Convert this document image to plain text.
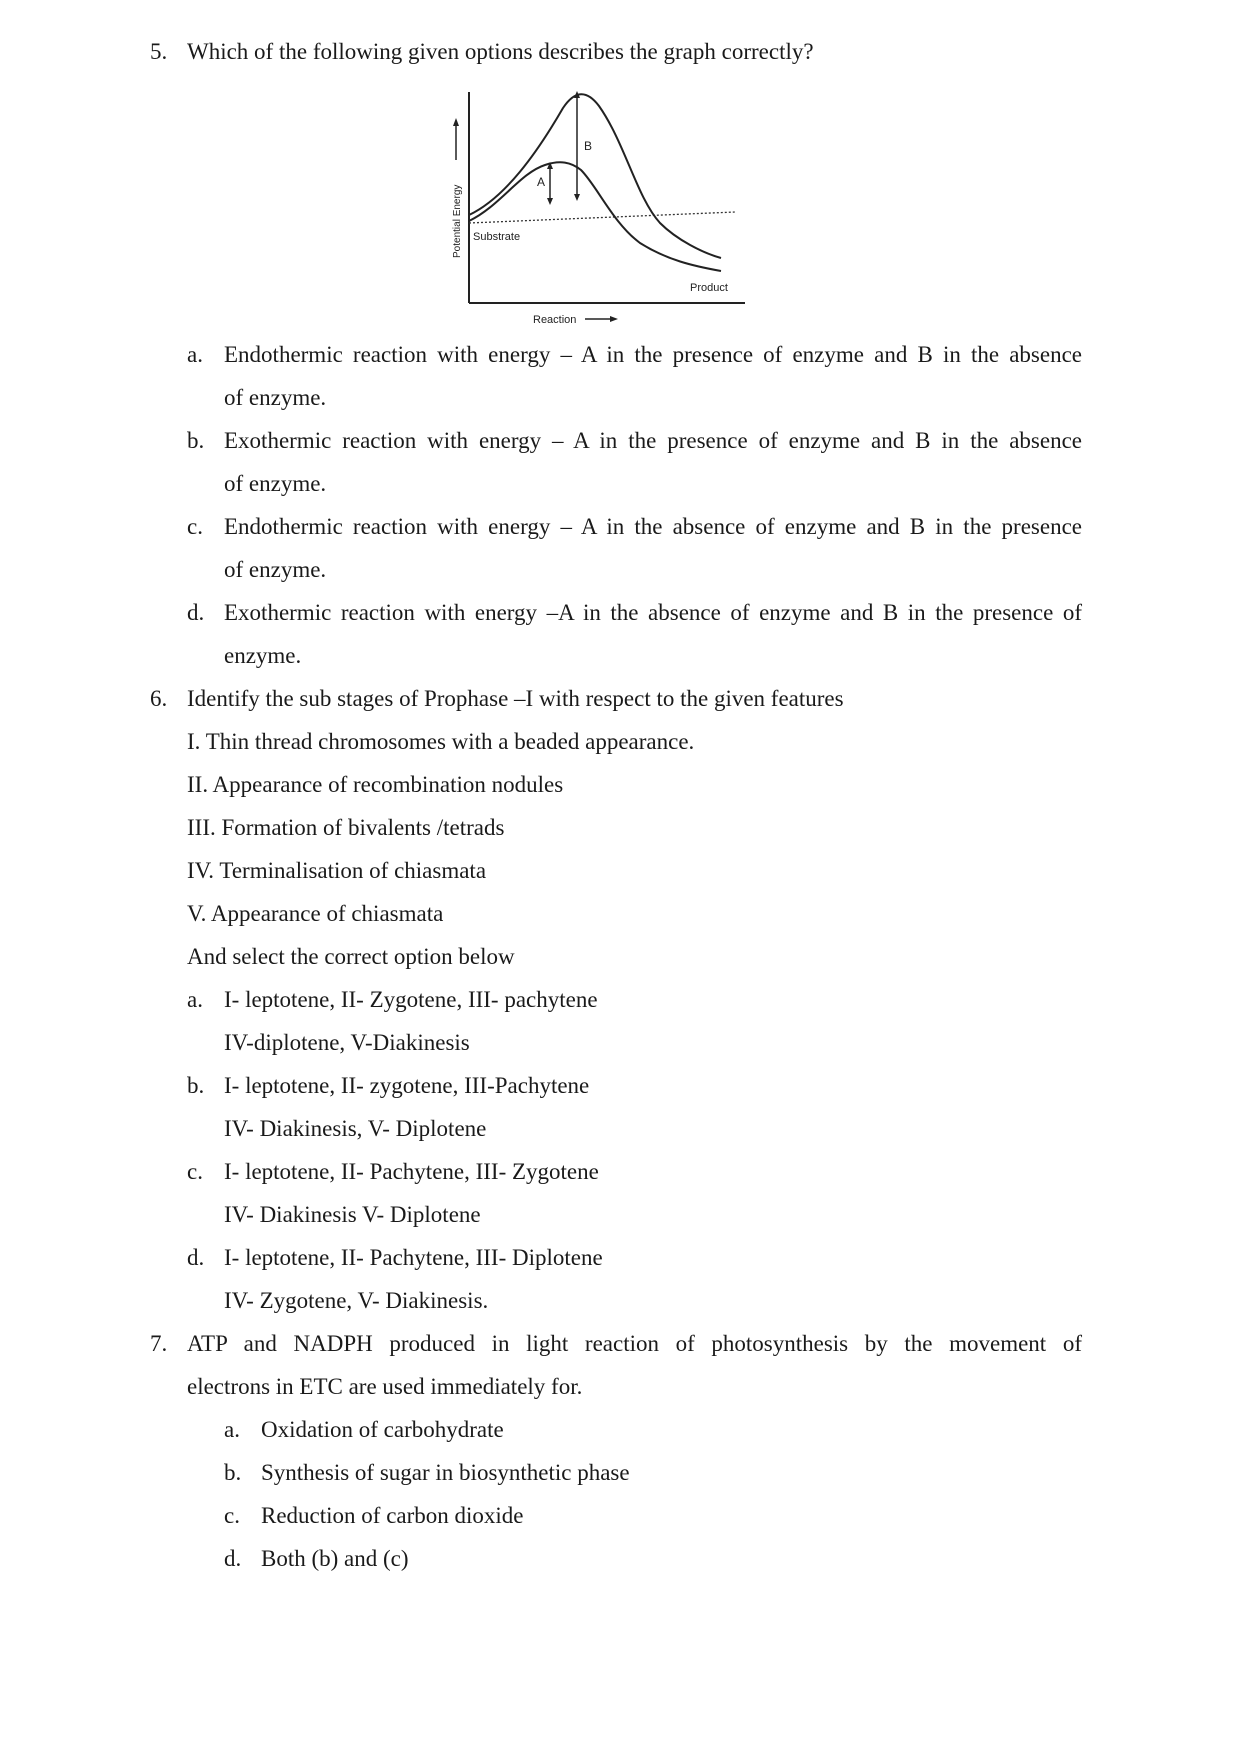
5. Which of the following given options describes the graph correctly?
Potential Energy
A
B
Substrate
Product
Reaction
a. Endothermic reaction with energy – A in the presence of enzyme and B in the absence
of enzyme.
b. Exothermic reaction with energy – A in the presence of enzyme and B in the absence
of enzyme.
c. Endothermic reaction with energy – A in the absence of enzyme and B in the presence
of enzyme.
d. Exothermic reaction with energy –A in the absence of enzyme and B in the presence of
enzyme.
6. Identify the sub stages of Prophase –I with respect to the given features
I. Thin thread chromosomes with a beaded appearance.
II. Appearance of recombination nodules
III. Formation of bivalents /tetrads
IV. Terminalisation of chiasmata
V. Appearance of chiasmata
And select the correct option below
a. I- leptotene, II- Zygotene, III- pachytene
IV-diplotene, V-Diakinesis
b. I- leptotene, II- zygotene, III-Pachytene
IV- Diakinesis, V- Diplotene
c. I- leptotene, II- Pachytene, III- Zygotene
IV- Diakinesis V- Diplotene
d. I- leptotene, II- Pachytene, III- Diplotene
IV- Zygotene, V- Diakinesis.
7. ATP and NADPH produced in light reaction of photosynthesis by the movement of
electrons in ETC are used immediately for.
a. Oxidation of carbohydrate
b. Synthesis of sugar in biosynthetic phase
c. Reduction of carbon dioxide
d. Both (b) and (c)
